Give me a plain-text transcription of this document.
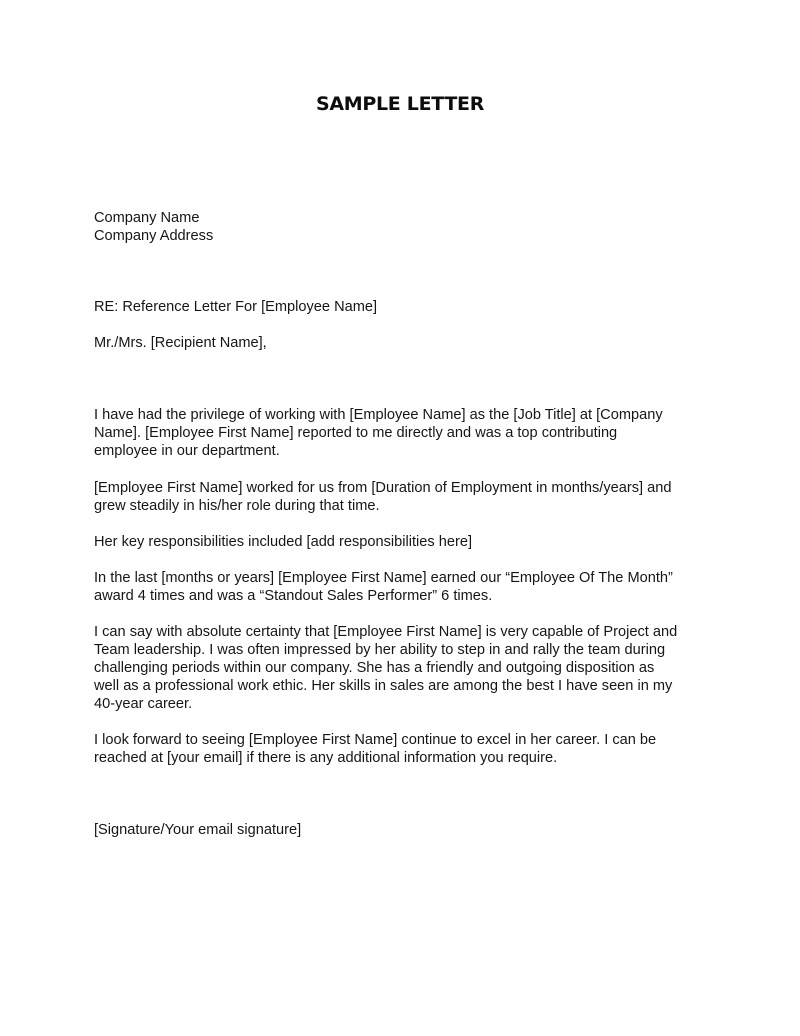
SAMPLE LETTER
Company Name
Company Address
RE: Reference Letter For [Employee Name]
Mr./Mrs. [Recipient Name],
I have had the privilege of working with [Employee Name] as the [Job Title] at [Company
Name]. [Employee First Name] reported to me directly and was a top contributing
employee in our department.
[Employee First Name] worked for us from [Duration of Employment in months/years] and
grew steadily in his/her role during that time.
Her key responsibilities included [add responsibilities here]
In the last [months or years] [Employee First Name] earned our “Employee Of The Month”
award 4 times and was a “Standout Sales Performer” 6 times.
I can say with absolute certainty that [Employee First Name] is very capable of Project and
Team leadership. I was often impressed by her ability to step in and rally the team during
challenging periods within our company. She has a friendly and outgoing disposition as
well as a professional work ethic. Her skills in sales are among the best I have seen in my
40-year career.
I look forward to seeing [Employee First Name] continue to excel in her career. I can be
reached at [your email] if there is any additional information you require.
[Signature/Your email signature]
